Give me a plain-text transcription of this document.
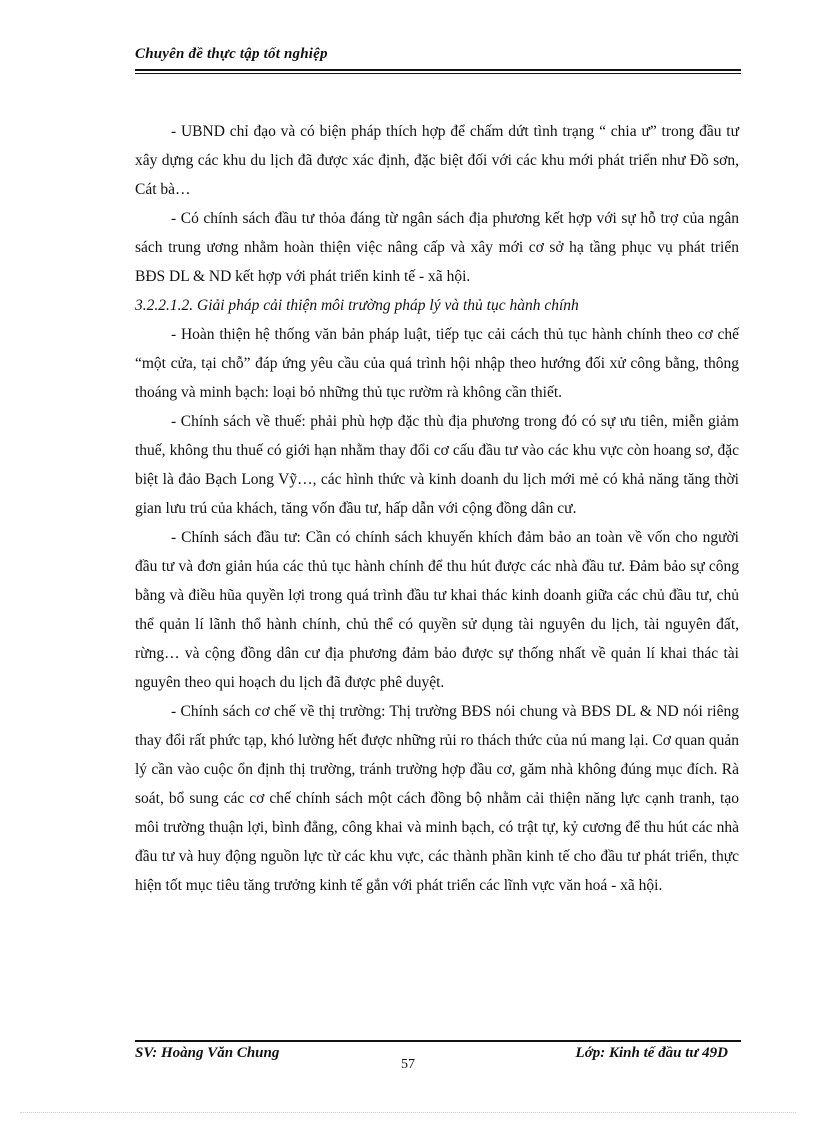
Chuyên đề thực tập tốt nghiệp

- UBND chỉ đạo và có biện pháp thích hợp để chấm dứt tình trạng “ chia ư” trong đầu tư xây dựng các khu du lịch đã được xác định, đặc biệt đối với các khu mới phát triển như Đồ sơn, Cát bà…

- Có chính sách đầu tư thỏa đáng từ ngân sách địa phương kết hợp với sự hỗ trợ của ngân sách trung ương nhằm hoàn thiện việc nâng cấp và xây mới cơ sở hạ tầng phục vụ phát triển BĐS DL & ND kết hợp với phát triển kinh tế - xã hội.

3.2.2.1.2. Giải pháp cải thiện môi trường pháp lý và thủ tục hành chính

- Hoàn thiện hệ thống văn bản pháp luật, tiếp tục cải cách thủ tục hành chính theo cơ chế “một cửa, tại chỗ” đáp ứng yêu cầu của quá trình hội nhập theo hướng đối xử công bằng, thông thoáng và minh bạch: loại bỏ những thủ tục rườm rà không cần thiết.

- Chính sách về thuế: phải phù hợp đặc thù địa phương trong đó có sự ưu tiên, miễn giảm thuế, không thu thuế có giới hạn nhằm thay đổi cơ cấu đầu tư vào các khu vực còn hoang sơ, đặc biệt là đảo Bạch Long Vỹ…, các hình thức và kinh doanh du lịch mới mẻ có khả năng tăng thời gian lưu trú của khách, tăng vốn đầu tư, hấp dẫn với cộng đồng dân cư.

- Chính sách đầu tư: Cần có chính sách khuyến khích đảm bảo an toàn về vốn cho người đầu tư và đơn giản húa các thủ tục hành chính để thu hút được các nhà đầu tư. Đảm bảo sự công bằng và điều hũa quyền lợi trong quá trình đầu tư khai thác kinh doanh giữa các chủ đầu tư, chủ thể quản lí lãnh thổ hành chính, chủ thể có quyền sử dụng tài nguyên du lịch, tài nguyên đất, rừng… và cộng đồng dân cư địa phương đảm bảo được sự thống nhất về quản lí khai thác tài nguyên theo qui hoạch du lịch đã được phê duyệt.

- Chính sách cơ chế về thị trường: Thị trường BĐS nói chung và BĐS DL & ND nói riêng thay đổi rất phức tạp, khó lường hết được những rủi ro thách thức của nú mang lại. Cơ quan quản lý cần vào cuộc ổn định thị trường, tránh trường hợp đầu cơ, găm nhà không đúng mục đích. Rà soát, bổ sung các cơ chế chính sách một cách đồng bộ nhằm cải thiện năng lực cạnh tranh, tạo môi trường thuận lợi, bình đẳng, công khai và minh bạch, có trật tự, kỷ cương để thu hút các nhà đầu tư và huy động nguồn lực từ các khu vực, các thành phần kinh tế cho đầu tư phát triển, thực hiện tốt mục tiêu tăng trưởng kinh tế gắn với phát triển các lĩnh vực văn hoá - xã hội.

SV: Hoàng Văn Chung	Lớp: Kinh tế đầu tư 49D
57
